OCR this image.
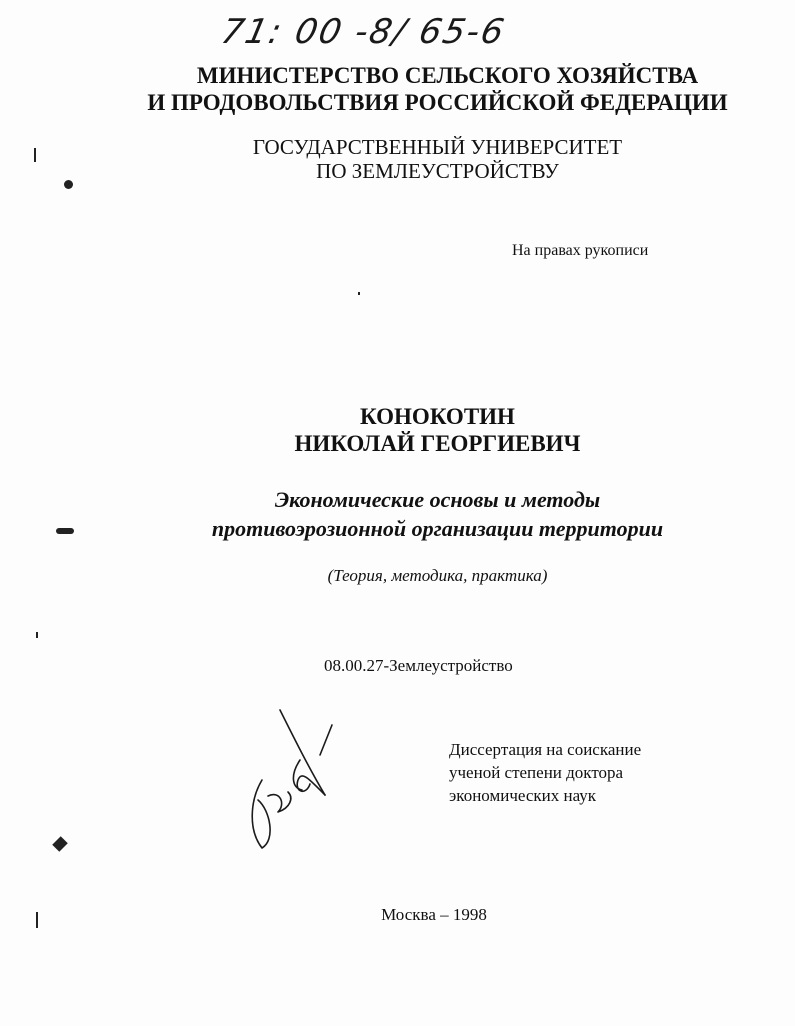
71: 00 -8/ 65-6
МИНИСТЕРСТВО СЕЛЬСКОГО ХОЗЯЙСТВА
И ПРОДОВОЛЬСТВИЯ РОССИЙСКОЙ ФЕДЕРАЦИИ
ГОСУДАРСТВЕННЫЙ УНИВЕРСИТЕТ
ПО ЗЕМЛЕУСТРОЙСТВУ
На правах рукописи
КОНОКОТИН
НИКОЛАЙ ГЕОРГИЕВИЧ
Экономические основы и методы
противоэрозионной организации территории
(Теория, методика, практика)
08.00.27-Землеустройство
Диссертация на соискание
ученой степени доктора
экономических наук
Москва – 1998
